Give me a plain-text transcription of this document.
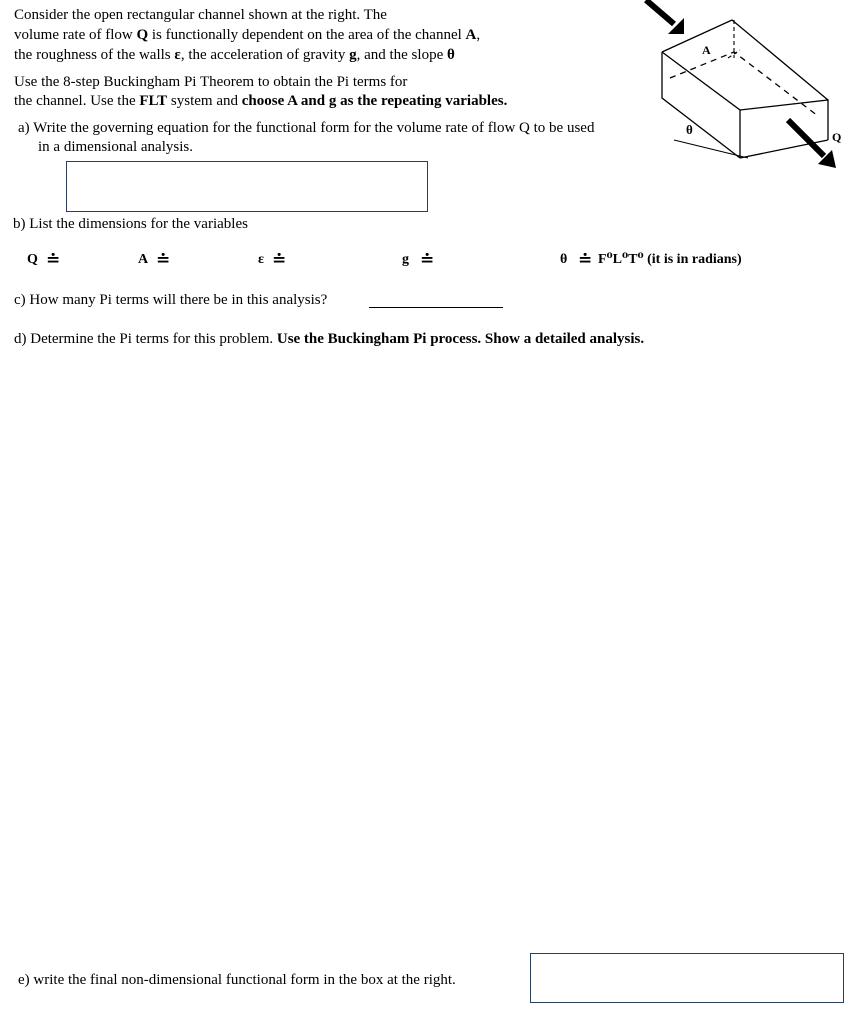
Consider the open rectangular channel shown at the right. The
volume rate of flow Q is functionally dependent on the area of the channel A,
the roughness of the walls ε, the acceleration of gravity g, and the slope θ
Use the 8-step Buckingham Pi Theorem to obtain the Pi terms for
the channel. Use the FLT system and choose A and g as the repeating variables.
a) Write the governing equation for the functional form for the volume rate of flow Q to be used
in a dimensional analysis.
b) List the dimensions for the variables
Q ≐	A ≐	ε ≐	g ≐	θ ≐ F⁰L⁰T⁰ (it is in radians)
c) How many Pi terms will there be in this analysis?
d) Determine the Pi terms for this problem. Use the Buckingham Pi process. Show a detailed analysis.
e) write the final non-dimensional functional form in the box at the right.
A
θ	Q
